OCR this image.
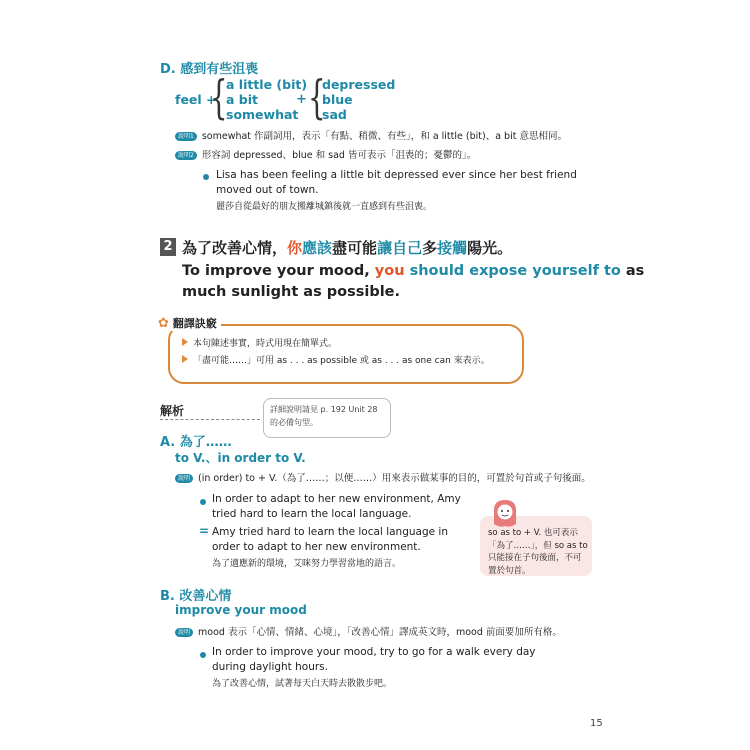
D. 感到有些沮喪
feel +
{
a little (bit)
a bit
somewhat
+ {
depressed
blue
sad
說明1 somewhat 作副詞用，表示「有點、稍微、有些」，和 a little (bit)、a bit 意思相同。
說明2 形容詞 depressed、blue 和 sad 皆可表示「沮喪的；憂鬱的」。
Lisa has been feeling a little bit depressed ever since her best friend moved out of town.
麗莎自從最好的朋友搬離城鎮後就一直感到有些沮喪。
2 為了改善心情，你應該盡可能讓自己多接觸陽光。
To improve your mood, you should expose yourself to as
much sunlight as possible.
✿ 翻譯訣竅
本句陳述事實，時式用現在簡單式。
「盡可能……」可用 as . . . as possible 或 as . . . as one can 來表示。
解析	詳細說明請見 p. 192 Unit 28 的必備句型。
A. 為了……
to V.、in order to V.
說明 (in order) to + V.（為了……；以便……）用來表示做某事的目的，可置於句首或子句後面。
In order to adapt to her new environment, Amy tried hard to learn the local language.
= Amy tried hard to learn the local language in order to adapt to her new environment.
為了適應新的環境，艾咪努力學習當地的語言。
so as to + V. 也可表示「為了……」，但 so as to 只能接在子句後面，不可置於句首。
B. 改善心情
improve your mood
說明 mood 表示「心情、情緒、心境」，「改善心情」譯成英文時，mood 前面要加所有格。
In order to improve your mood, try to go for a walk every day during daylight hours.
為了改善心情，試著每天白天時去散散步吧。
15
